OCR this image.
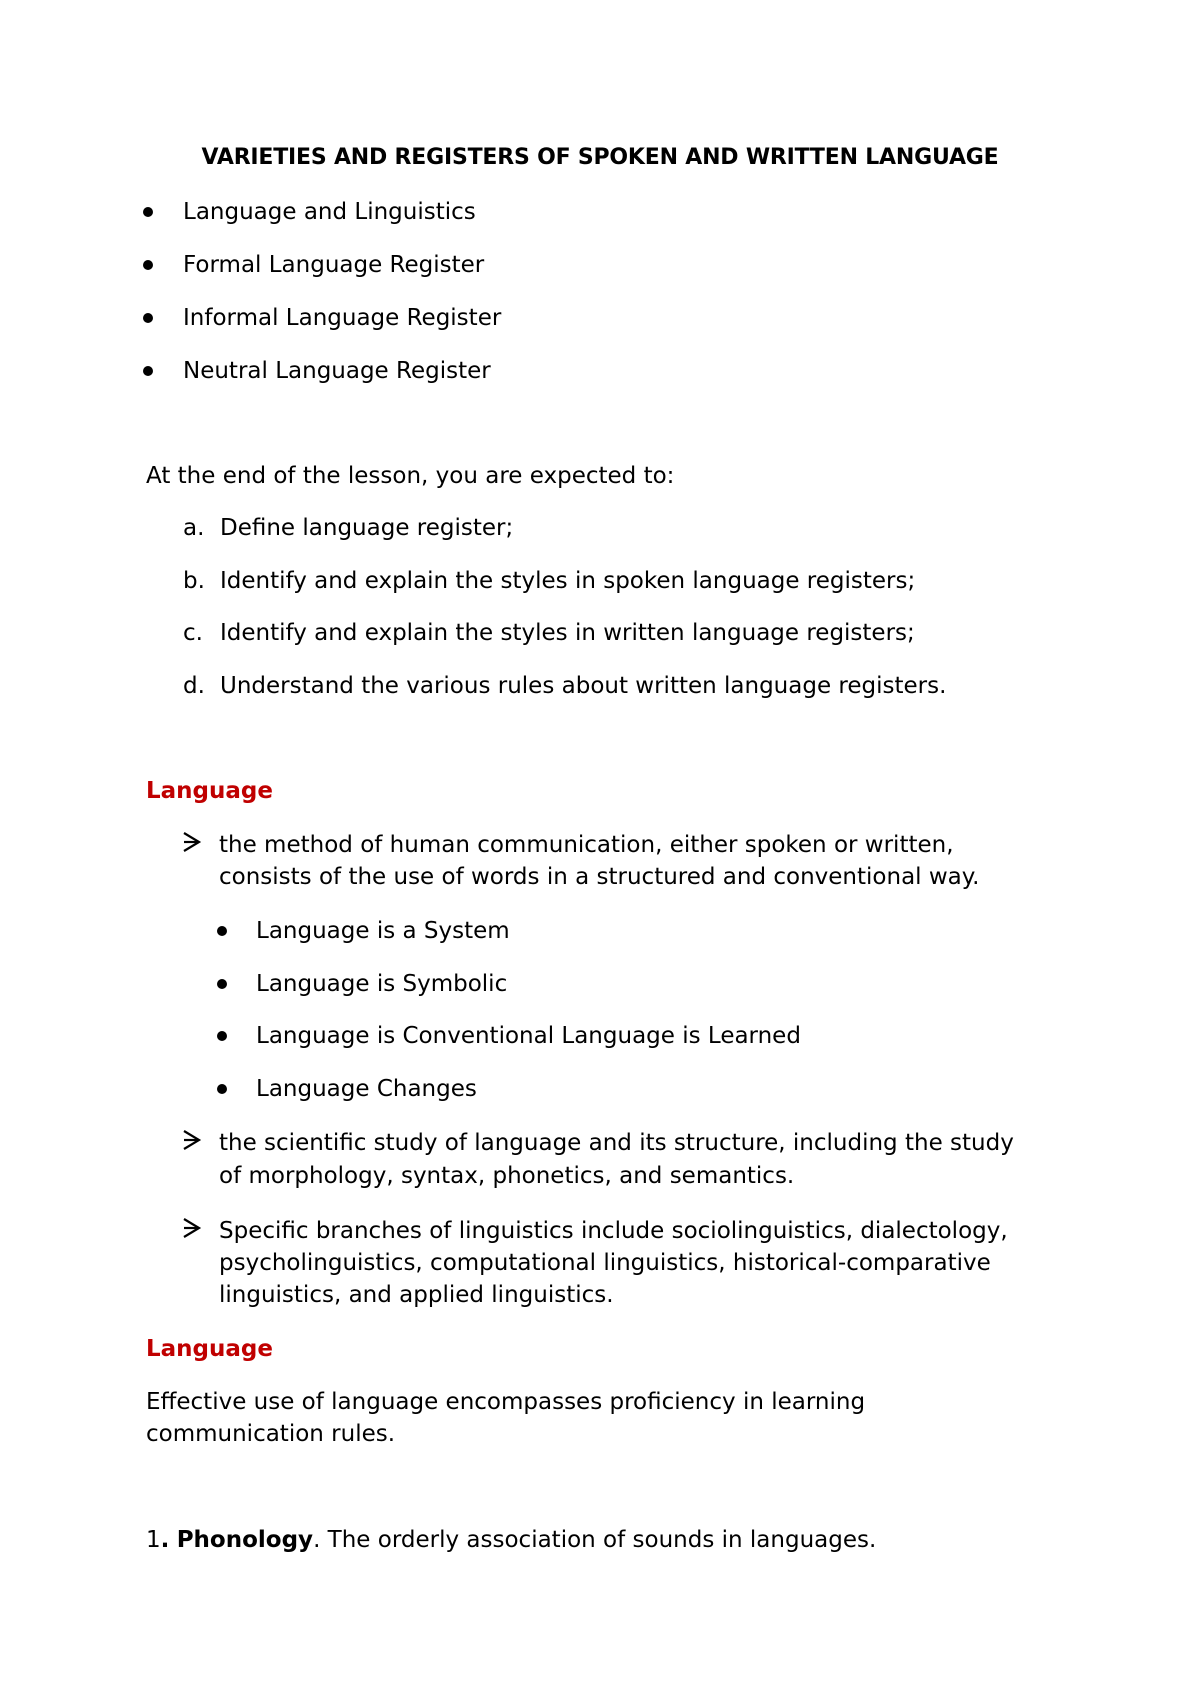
VARIETIES AND REGISTERS OF SPOKEN AND WRITTEN LANGUAGE
Language and Linguistics
Formal Language Register
Informal Language Register
Neutral Language Register
At the end of the lesson, you are expected to:
a. Define language register;
b. Identify and explain the styles in spoken language registers;
c. Identify and explain the styles in written language registers;
d. Understand the various rules about written language registers.
Language
the method of human communication, either spoken or written,
consists of the use of words in a structured and conventional way.
Language is a System
Language is Symbolic
Language is Conventional Language is Learned
Language Changes
the scientific study of language and its structure, including the study
of morphology, syntax, phonetics, and semantics.
Specific branches of linguistics include sociolinguistics, dialectology,
psycholinguistics, computational linguistics, historical-comparative
linguistics, and applied linguistics.
Language
Effective use of language encompasses proficiency in learning
communication rules.
1. Phonology. The orderly association of sounds in languages.
